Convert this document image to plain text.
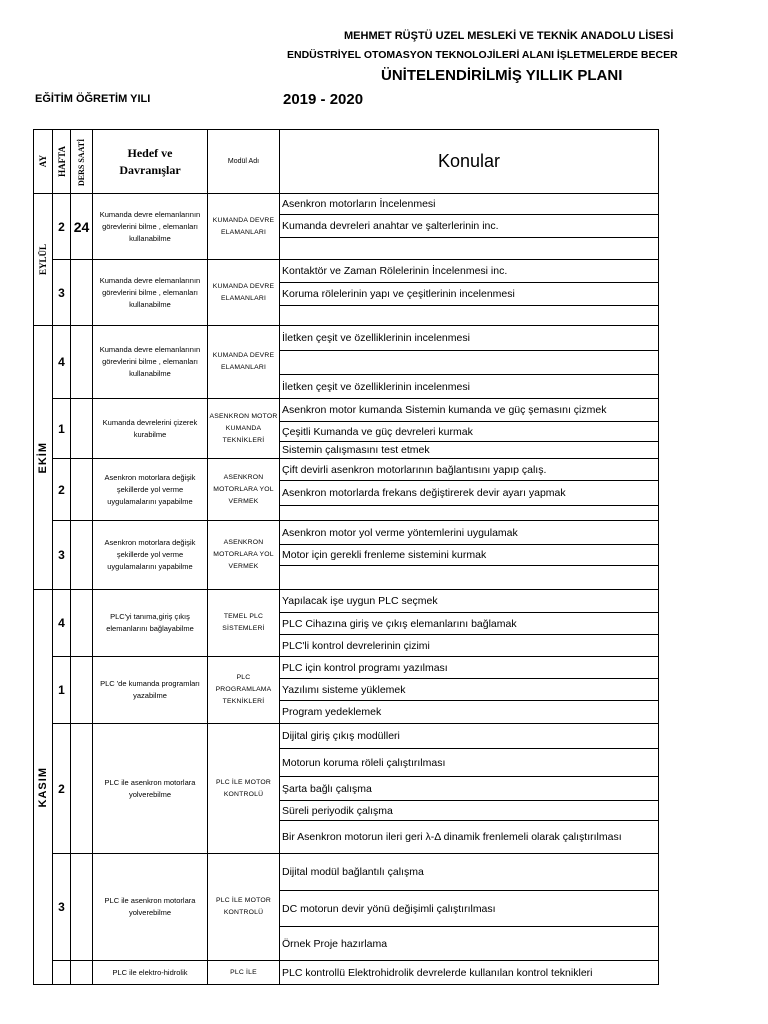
MEHMET RÜŞTÜ UZEL MESLEKİ VE TEKNİK ANADOLU LİSESİ
ENDÜSTRİYEL OTOMASYON TEKNOLOJİLERİ ALANI İŞLETMELERDE BECER
ÜNİTELENDİRİLMİŞ YILLIK PLANI
EĞİTİM ÖĞRETİM YILI	2019 - 2020
AY	HAFTA	DERS SAATİ	Hedef ve Davranışlar	Modül Adı	Konular

EYLÜL	2	24	Kumanda devre elemanlarının görevlerini bilme , elemanları kullanabilme	KUMANDA DEVRE ELAMANLARI	Asenkron motorların İncelenmesi
					Kumanda devreleri anahtar ve şalterlerinin inc.

	3		Kumanda devre elemanlarının görevlerini bilme , elemanları kullanabilme	KUMANDA DEVRE ELAMANLARI	Kontaktör ve Zaman Rölelerinin İncelenmesi inc.
					Koruma rölelerinin yapı ve çeşitlerinin incelenmesi

EKİM	4		Kumanda devre elemanlarının görevlerini bilme , elemanları kullanabilme	KUMANDA DEVRE ELAMANLARI	İletken çeşit ve özelliklerinin incelenmesi

					İletken çeşit ve özelliklerinin incelenmesi
	1		Kumanda devrelerini çizerek kurabilme	ASENKRON MOTOR KUMANDA TEKNİKLERİ	Asenkron motor kumanda Sistemin kumanda ve güç şemasını çizmek
					Çeşitli Kumanda ve güç devreleri kurmak
					Sistemin çalışmasını test etmek
	2		Asenkron motorlara değişik şekillerde yol verme uygulamalarını yapabilme	ASENKRON MOTORLARA YOL VERMEK	Çift devirli asenkron motorlarının bağlantısını yapıp çalış.
					Asenkron motorlarda frekans değiştirerek devir ayarı yapmak

	3		Asenkron motorlara değişik şekillerde yol verme uygulamalarını yapabilme	ASENKRON MOTORLARA YOL VERMEK	Asenkron motor yol verme yöntemlerini uygulamak
					Motor için gerekli frenleme sistemini kurmak

KASIM	4		PLC'yi tanıma,giriş çıkış elemanlarını bağlayabilme	TEMEL PLC SİSTEMLERİ	Yapılacak işe uygun PLC seçmek
					PLC Cihazına giriş ve çıkış elemanlarını bağlamak
					PLC'li kontrol devrelerinin çizimi
	1		PLC 'de kumanda programları yazabilme	PLC PROGRAMLAMA TEKNİKLERİ	PLC için kontrol programı yazılması
					Yazılımı sisteme yüklemek
					Program yedeklemek
	2		PLC ile asenkron motorlara yolverebilme	PLC İLE MOTOR KONTROLÜ	Dijital giriş çıkış modülleri
					Motorun koruma röleli çalıştırılması
					Şarta bağlı çalışma
					Süreli periyodik çalışma
					Bir Asenkron motorun ileri geri λ-Δ dinamik frenlemeli olarak çalıştırılması
	3		PLC ile asenkron motorlara yolverebilme	PLC İLE MOTOR KONTROLÜ	Dijital modül bağlantılı çalışma
					DC motorun devir yönü değişimli çalıştırılması
					Örnek Proje hazırlama
			PLC ile elektro-hidrolik	PLC İLE	PLC kontrollü Elektrohidrolik devrelerde kullanılan kontrol teknikleri
